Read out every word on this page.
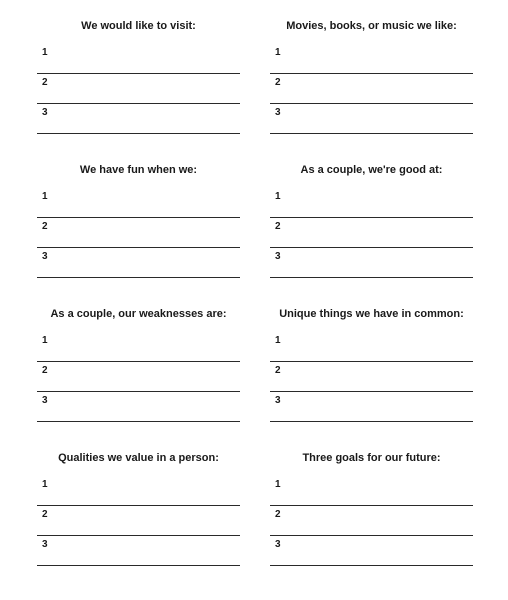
We would like to visit:
1
2
3
Movies, books, or music we like:
1
2
3
We have fun when we:
1
2
3
As a couple, we're good at:
1
2
3
As a couple, our weaknesses are:
1
2
3
Unique things we have in common:
1
2
3
Qualities we value in a person:
1
2
3
Three goals for our future:
1
2
3
